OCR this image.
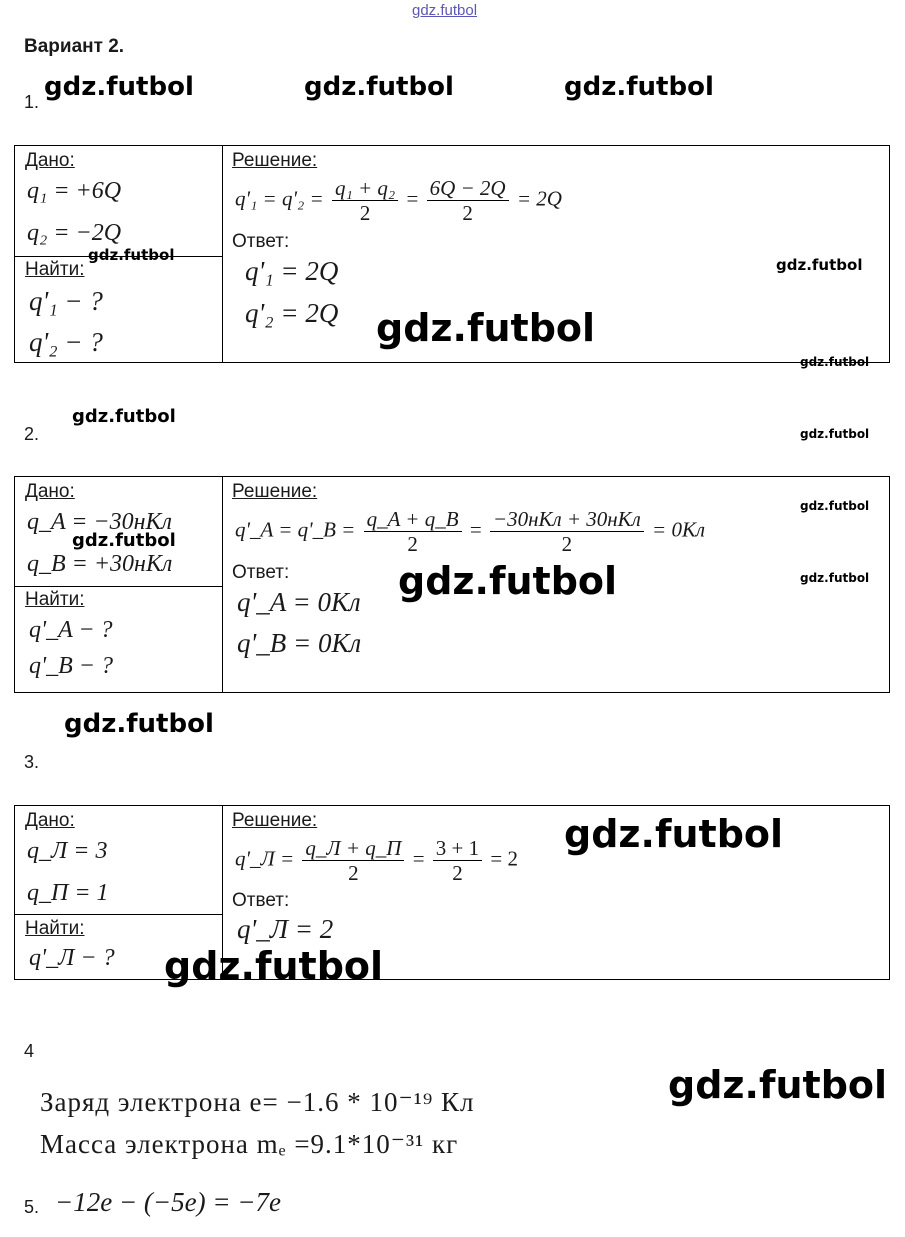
gdz.futbol
Вариант 2.
1.
Дано:
q₁ = +6Q
q₂ = −2Q
Найти:
q'₁ − ?
q'₂ − ?
Решение:
$q'_1 = q'_2 = \frac{\text{q₁ + q₂}}{2} = \frac{6Q - 2Q}{2} = 2Q$
Ответ:
q'₁ = 2Q
q'₂ = 2Q
2.
Дано:
q_A = −30нКл
q_B = +30нКл
Найти:
q'_A − ?
q'_B − ?
Решение:
q'_A = q'_B = $\frac{q\_A + q\_B}{2} = \frac{\text{−30нКл + 30нКл}}{2} = 0Кл$
Ответ:
q'_A = 0Кл
q'_B = 0Кл
3.
Дано:
q_Л = 3
q_П = 1
Найти:
q'_Л − ?
Решение:
q'_Л = $\frac{q\_Л + q\_П}{2} = \frac{3 + 1}{2} = 2$
Ответ:
q'_Л = 2
4
Заряд электрона e= −1.6 * 10⁻¹⁹ Кл
Масса электрона mₑ =9.1*10⁻³¹ кг
5. −12e − (−5e) = −7e
gdz.futbol	gdz.futbol	gdz.futbol
gdz.futbol
gdz.futbol
gdz.futbol
gdz.futbol
gdz.futbol
gdz.futbol
gdz.futbol
gdz.futbol
gdz.futbol	gdz.futbol
gdz.futbol
gdz.futbol
gdz.futbol
gdz.futbol
